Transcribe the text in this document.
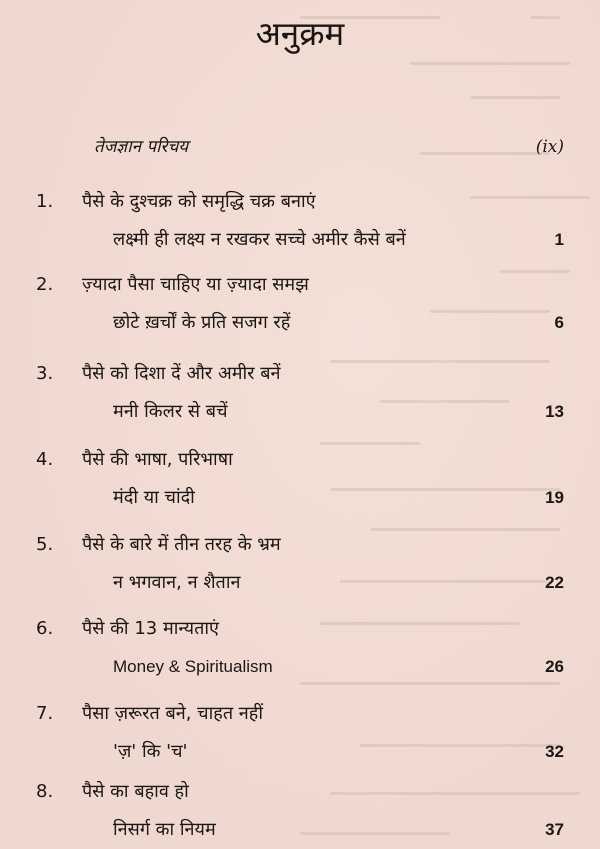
अनुक्रम
तेजज्ञान परिचय	(ix)
1. पैसे के दुश्चक्र को समृद्धि चक्र बनाएं
लक्ष्मी ही लक्ष्य न रखकर सच्चे अमीर कैसे बनें	1
2. ज़्यादा पैसा चाहिए या ज़्यादा समझ
छोटे ख़र्चों के प्रति सजग रहें	6
3. पैसे को दिशा दें और अमीर बनें
मनी किलर से बचें	13
4. पैसे की भाषा, परिभाषा
मंदी या चांदी	19
5. पैसे के बारे में तीन तरह के भ्रम
न भगवान, न शैतान	22
6. पैसे की 13 मान्यताएं
Money & Spiritualism	26
7. पैसा ज़रूरत बने, चाहत नहीं
'ज़' कि 'च'	32
8. पैसे का बहाव हो
निसर्ग का नियम	37
